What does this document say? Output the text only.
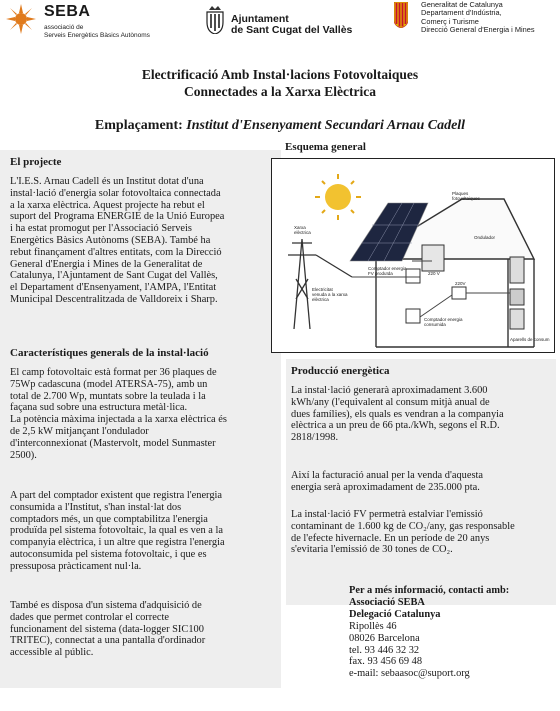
SEBA
associació de
Serveis Energètics Bàsics Autònoms
Ajuntament
de Sant Cugat del Vallès
Generalitat de Catalunya
Departament d'Indústria,
Comerç i Turisme
Direcció General d'Energia i Mines
Electrificació Amb Instal·lacions Fotovoltaiques
Connectades a la Xarxa Elèctrica
Emplaçament: Institut d'Ensenyament Secundari Arnau Cadell
El projecte
L'I.E.S. Arnau Cadell és un Institut dotat d'una
instal·lació d'energia solar fotovoltaica connectada
a la xarxa elèctrica. Aquest projecte ha rebut el
suport del Programa ENERGIE de la Unió Europea
i ha estat promogut per l'Associació Serveis
Energètics Bàsics Autònoms (SEBA). També ha
rebut finançament d'altres entitats, com la Direcció
General d'Energia i Mines de la Generalitat de
Catalunya, l'Ajuntament de Sant Cugat del Vallès,
el Departament d'Ensenyament, l'AMPA, l'Entitat
Municipal Descentralitzada de Valldoreix i Sharp.
Característiques generals de la instal·lació
El camp fotovoltaic està format per 36 plaques de
75Wp cadascuna (model ATERSA-75), amb un
total de 2.700 Wp, muntats sobre la teulada i la
façana sud sobre una estructura metàl·lica.
La potència màxima injectada a la xarxa elèctrica és
de 2,5 kW mitjançant l'ondulador
d'interconnexionat (Mastervolt, model Sunmaster
2500).
A part del comptador existent que registra l'energia
consumida a l'Institut, s'han instal·lat dos
comptadors més, un que comptabilitza l'energia
produïda pel sistema fotovoltaic, la qual es ven a la
companyia elèctrica, i un altre que registra l'energia
autoconsumida pel sistema fotovoltaic, i que es
pressuposa pràcticament nul·la.
També es disposa d'un sistema d'adquisició de
dades que permet controlar el correcte
funcionament del sistema (data-logger SIC100
TRITEC), connectat a una pantalla d'ordinador
accessible al públic.
Esquema general
Plaques
fotovoltaiques
Xarxa
elèctrica
Ondulador
Comptador energia
FV produïda
Electricitat
venuda a la xarxa
elèctrica
Comptador energia
consumida
220 V
220V
Aparells de consum
Producció energètica
La instal·lació generarà aproximadament 3.600
kWh/any (l'equivalent al consum mitjà anual de
dues famílies), els quals es vendran a la companyia
elèctrica a un preu de 66 pta./kWh, segons el R.D.
2818/1998.
Així la facturació anual per la venda d'aquesta
energia serà aproximadament de 235.000 pta.
La instal·lació FV permetrà estalviar l'emissió
contaminant de 1.600 kg de CO₂/any, gas responsable
de l'efecte hivernacle. En un període de 20 anys
s'evitaria l'emissió de 30 tones de CO₂.
Per a més informació, contacti amb:
Associació SEBA
Delegació Catalunya
Ripollès 46
08026 Barcelona
tel. 93 446 32 32
fax. 93 456 69 48
e-mail: sebaasoc@suport.org
